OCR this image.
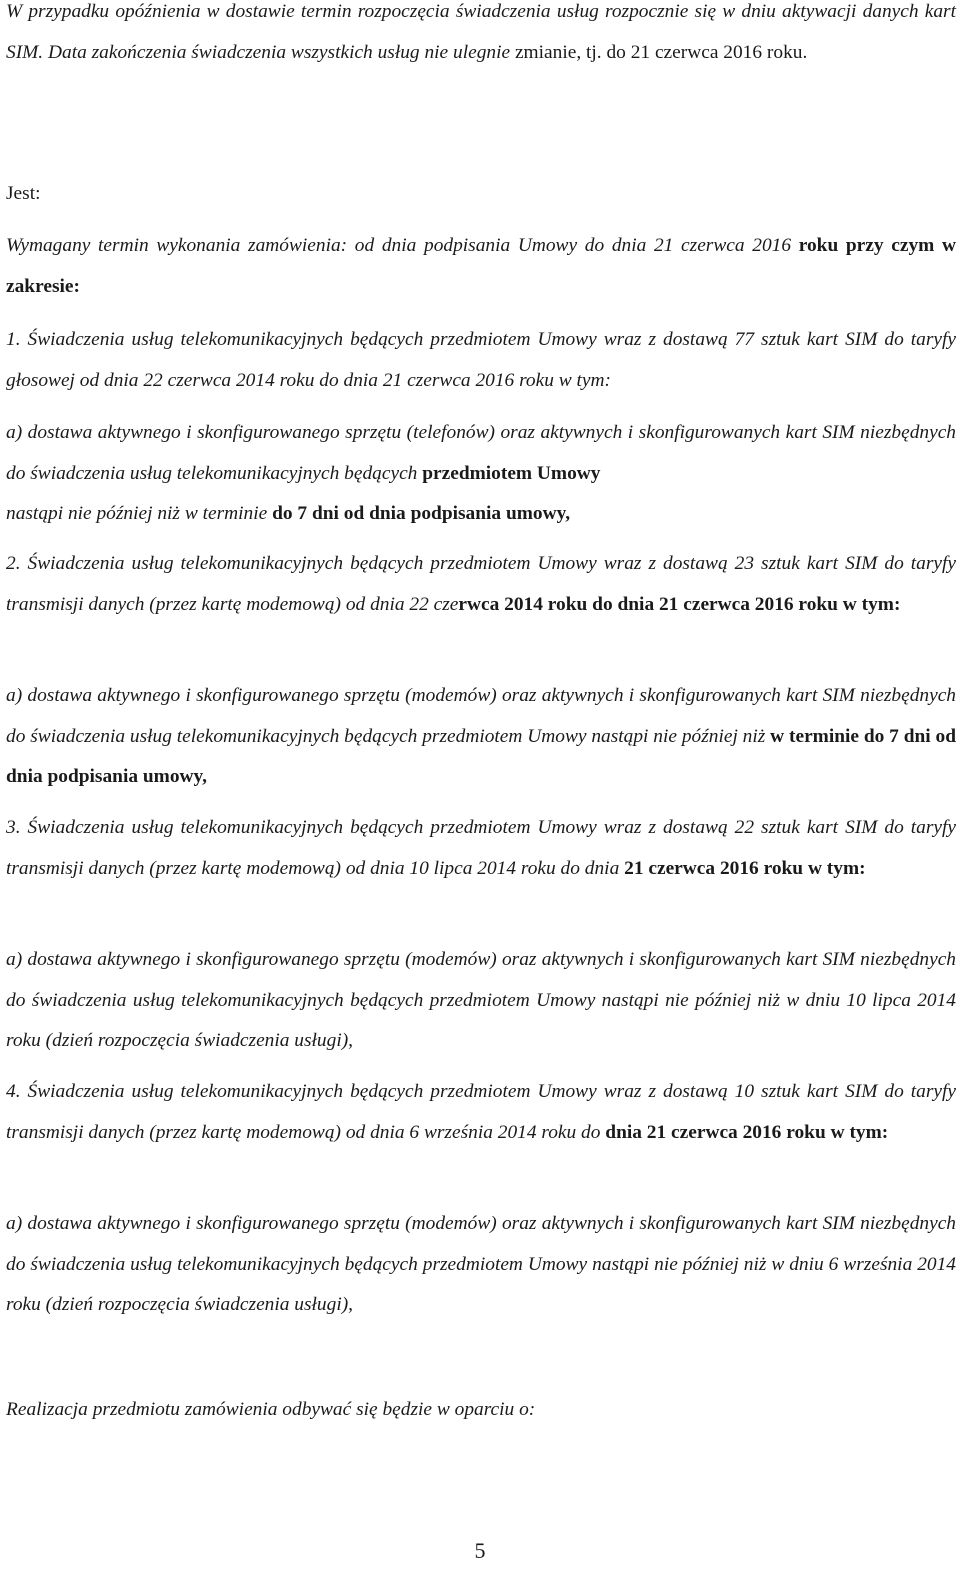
W przypadku opóźnienia w dostawie termin rozpoczęcia świadczenia usług rozpocznie się w dniu aktywacji danych kart SIM. Data zakończenia świadczenia wszystkich usług nie ulegnie zmianie, tj. do 21 czerwca 2016 roku.

Jest:

Wymagany termin wykonania zamówienia: od dnia podpisania Umowy do dnia 21 czerwca 2016 roku przy czym w zakresie:

1. Świadczenia usług telekomunikacyjnych będących przedmiotem Umowy wraz z dostawą 77 sztuk kart SIM do taryfy głosowej od dnia 22 czerwca 2014 roku do dnia 21 czerwca 2016 roku w tym:

a) dostawa aktywnego i skonfigurowanego sprzętu (telefonów) oraz aktywnych i skonfigurowanych kart SIM niezbędnych do świadczenia usług telekomunikacyjnych będących przedmiotem Umowy
nastąpi nie później niż w terminie do 7 dni od dnia podpisania umowy,

2. Świadczenia usług telekomunikacyjnych będących przedmiotem Umowy wraz z dostawą 23 sztuk kart SIM do taryfy transmisji danych (przez kartę modemową) od dnia 22 czerwca 2014 roku do dnia 21 czerwca 2016 roku w tym:

a) dostawa aktywnego i skonfigurowanego sprzętu (modemów) oraz aktywnych i skonfigurowanych kart SIM niezbędnych do świadczenia usług telekomunikacyjnych będących przedmiotem Umowy nastąpi nie później niż w terminie do 7 dni od dnia podpisania umowy,

3. Świadczenia usług telekomunikacyjnych będących przedmiotem Umowy wraz z dostawą 22 sztuk kart SIM do taryfy transmisji danych (przez kartę modemową) od dnia 10 lipca 2014 roku do dnia 21 czerwca 2016 roku w tym:

a) dostawa aktywnego i skonfigurowanego sprzętu (modemów) oraz aktywnych i skonfigurowanych kart SIM niezbędnych do świadczenia usług telekomunikacyjnych będących przedmiotem Umowy nastąpi nie później niż w dniu 10 lipca 2014 roku (dzień rozpoczęcia świadczenia usługi),

4. Świadczenia usług telekomunikacyjnych będących przedmiotem Umowy wraz z dostawą 10 sztuk kart SIM do taryfy transmisji danych (przez kartę modemową) od dnia 6 września 2014 roku do dnia 21 czerwca 2016 roku w tym:

a) dostawa aktywnego i skonfigurowanego sprzętu (modemów) oraz aktywnych i skonfigurowanych kart SIM niezbędnych do świadczenia usług telekomunikacyjnych będących przedmiotem Umowy nastąpi nie później niż w dniu 6 września 2014 roku (dzień rozpoczęcia świadczenia usługi),

Realizacja przedmiotu zamówienia odbywać się będzie w oparciu o:

5
